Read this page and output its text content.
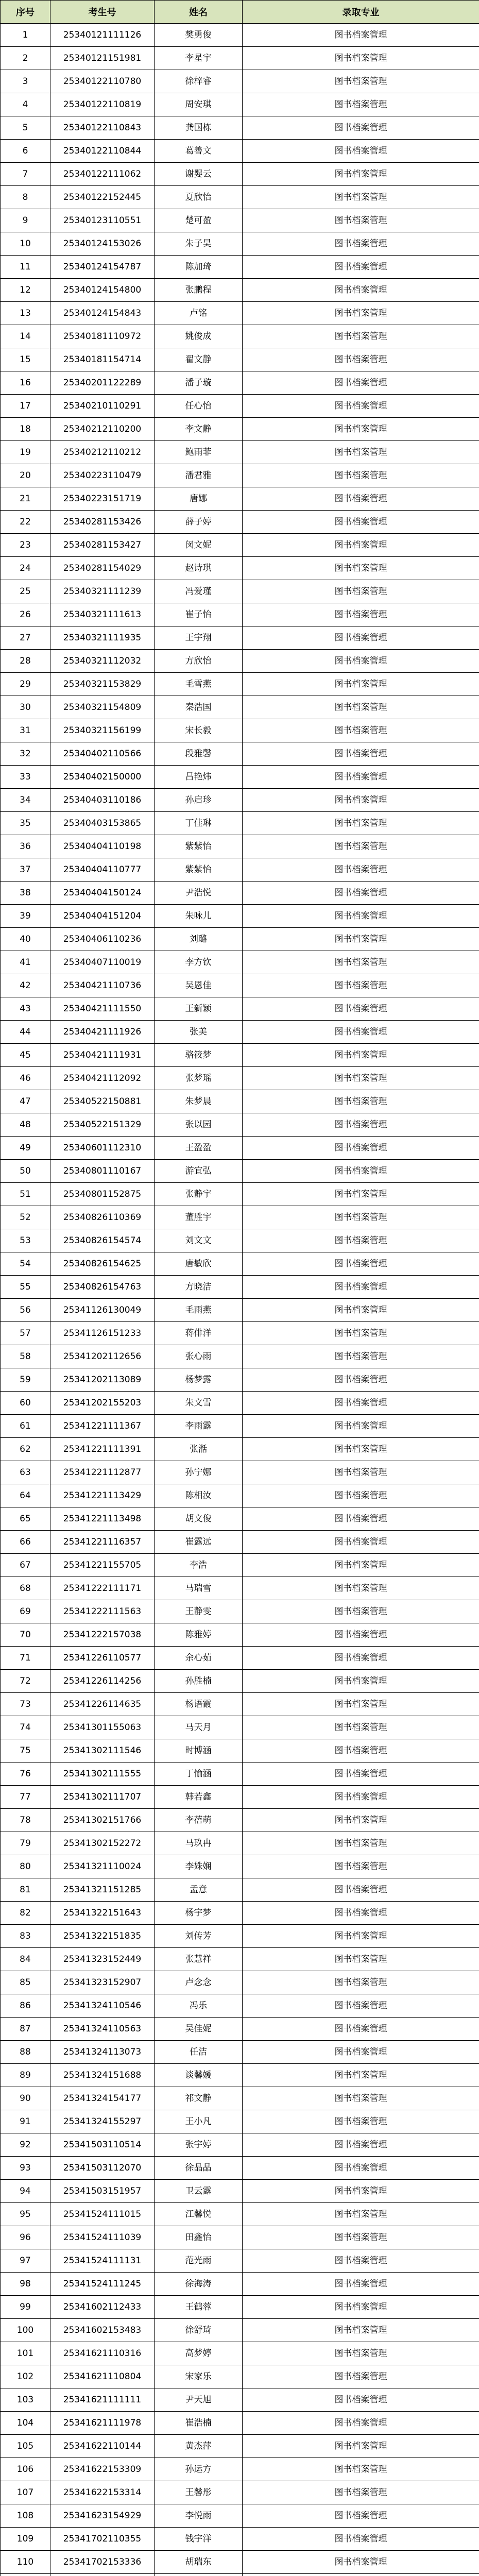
序号	考生号	姓名	录取专业
1	25340121111126	樊勇俊	图书档案管理
2	25340121151981	李星宇	图书档案管理
3	25340122110780	徐梓睿	图书档案管理
4	25340122110819	周安琪	图书档案管理
5	25340122110843	龚国栋	图书档案管理
6	25340122110844	葛善文	图书档案管理
7	25340122111062	谢婴云	图书档案管理
8	25340122152445	夏欣怡	图书档案管理
9	25340123110551	楚可盈	图书档案管理
10	25340124153026	朱子昊	图书档案管理
11	25340124154787	陈加琦	图书档案管理
12	25340124154800	张鹏程	图书档案管理
13	25340124154843	卢铭	图书档案管理
14	25340181110972	姚俊成	图书档案管理
15	25340181154714	翟文静	图书档案管理
16	25340201122289	潘子璇	图书档案管理
17	25340210110291	任心怡	图书档案管理
18	25340212110200	李文静	图书档案管理
19	25340212110212	鲍雨菲	图书档案管理
20	25340223110479	潘君雅	图书档案管理
21	25340223151719	唐娜	图书档案管理
22	25340281153426	薛子婷	图书档案管理
23	25340281153427	闵文妮	图书档案管理
24	25340281154029	赵诗琪	图书档案管理
25	25340321111239	冯爱瑾	图书档案管理
26	25340321111613	崔子怡	图书档案管理
27	25340321111935	王宇翔	图书档案管理
28	25340321112032	方欣怡	图书档案管理
29	25340321153829	毛雪燕	图书档案管理
30	25340321154809	秦浩国	图书档案管理
31	25340321156199	宋长毅	图书档案管理
32	25340402110566	段雅馨	图书档案管理
33	25340402150000	吕艳炜	图书档案管理
34	25340403110186	孙启珍	图书档案管理
35	25340403153865	丁佳琳	图书档案管理
36	25340404110198	紫紫怡	图书档案管理
37	25340404110777	紫紫怡	图书档案管理
38	25340404150124	尹浩悦	图书档案管理
39	25340404151204	朱咏儿	图书档案管理
40	25340406110236	刘璐	图书档案管理
41	25340407110019	李方钦	图书档案管理
42	25340421110736	吴恩佳	图书档案管理
43	25340421111550	王新颖	图书档案管理
44	25340421111926	张美	图书档案管理
45	25340421111931	骆筱梦	图书档案管理
46	25340421112092	张梦瑶	图书档案管理
47	25340522150881	朱梦晨	图书档案管理
48	25340522151329	张以园	图书档案管理
49	25340601112310	王盈盈	图书档案管理
50	25340801110167	游宜弘	图书档案管理
51	25340801152875	张静宇	图书档案管理
52	25340826110369	董胜宇	图书档案管理
53	25340826154574	刘文文	图书档案管理
54	25340826154625	唐敏欣	图书档案管理
55	25340826154763	方晓洁	图书档案管理
56	25341126130049	毛雨燕	图书档案管理
57	25341126151233	蒋俳洋	图书档案管理
58	25341202112656	张心雨	图书档案管理
59	25341202113089	杨梦露	图书档案管理
60	25341202155203	朱文雪	图书档案管理
61	25341221111367	李雨露	图书档案管理
62	25341221111391	张湉	图书档案管理
63	25341221112877	孙宁娜	图书档案管理
64	25341221113429	陈相汝	图书档案管理
65	25341221113498	胡文俊	图书档案管理
66	25341221116357	崔露远	图书档案管理
67	25341221155705	李浩	图书档案管理
68	25341222111171	马瑞雪	图书档案管理
69	25341222111563	王静雯	图书档案管理
70	25341222157038	陈雅婷	图书档案管理
71	25341226110577	余心茹	图书档案管理
72	25341226114256	孙胜楠	图书档案管理
73	25341226114635	杨语霞	图书档案管理
74	25341301155063	马天月	图书档案管理
75	25341302111546	时博涵	图书档案管理
76	25341302111555	丁愉涵	图书档案管理
77	25341302111707	韩若鑫	图书档案管理
78	25341302151766	李蓓萌	图书档案管理
79	25341302152272	马玖冉	图书档案管理
80	25341321110024	李姝娴	图书档案管理
81	25341321151285	孟意	图书档案管理
82	25341322151643	杨宇梦	图书档案管理
83	25341322151835	刘传芳	图书档案管理
84	25341323152449	张慧祥	图书档案管理
85	25341323152907	卢念念	图书档案管理
86	25341324110546	冯乐	图书档案管理
87	25341324110563	吴佳妮	图书档案管理
88	25341324113073	任洁	图书档案管理
89	25341324151688	谈馨媛	图书档案管理
90	25341324154177	祁文静	图书档案管理
91	25341324155297	王小凡	图书档案管理
92	25341503110514	张宇婷	图书档案管理
93	25341503112070	徐晶晶	图书档案管理
94	25341503151957	卫云露	图书档案管理
95	25341524111015	江馨悦	图书档案管理
96	25341524111039	田鑫怡	图书档案管理
97	25341524111131	范光雨	图书档案管理
98	25341524111245	徐海涛	图书档案管理
99	25341602112433	王鹤蓉	图书档案管理
100	25341602153483	徐舒琦	图书档案管理
101	25341621110316	高梦婷	图书档案管理
102	25341621110804	宋家乐	图书档案管理
103	25341621111111	尹天旭	图书档案管理
104	25341621111978	崔浩楠	图书档案管理
105	25341622110144	黄杰萍	图书档案管理
106	25341622153309	孙运方	图书档案管理
107	25341622153314	王馨彤	图书档案管理
108	25341623154929	李悦雨	图书档案管理
109	25341702110355	钱宇洋	图书档案管理
110	25341702153336	胡瑞东	图书档案管理
